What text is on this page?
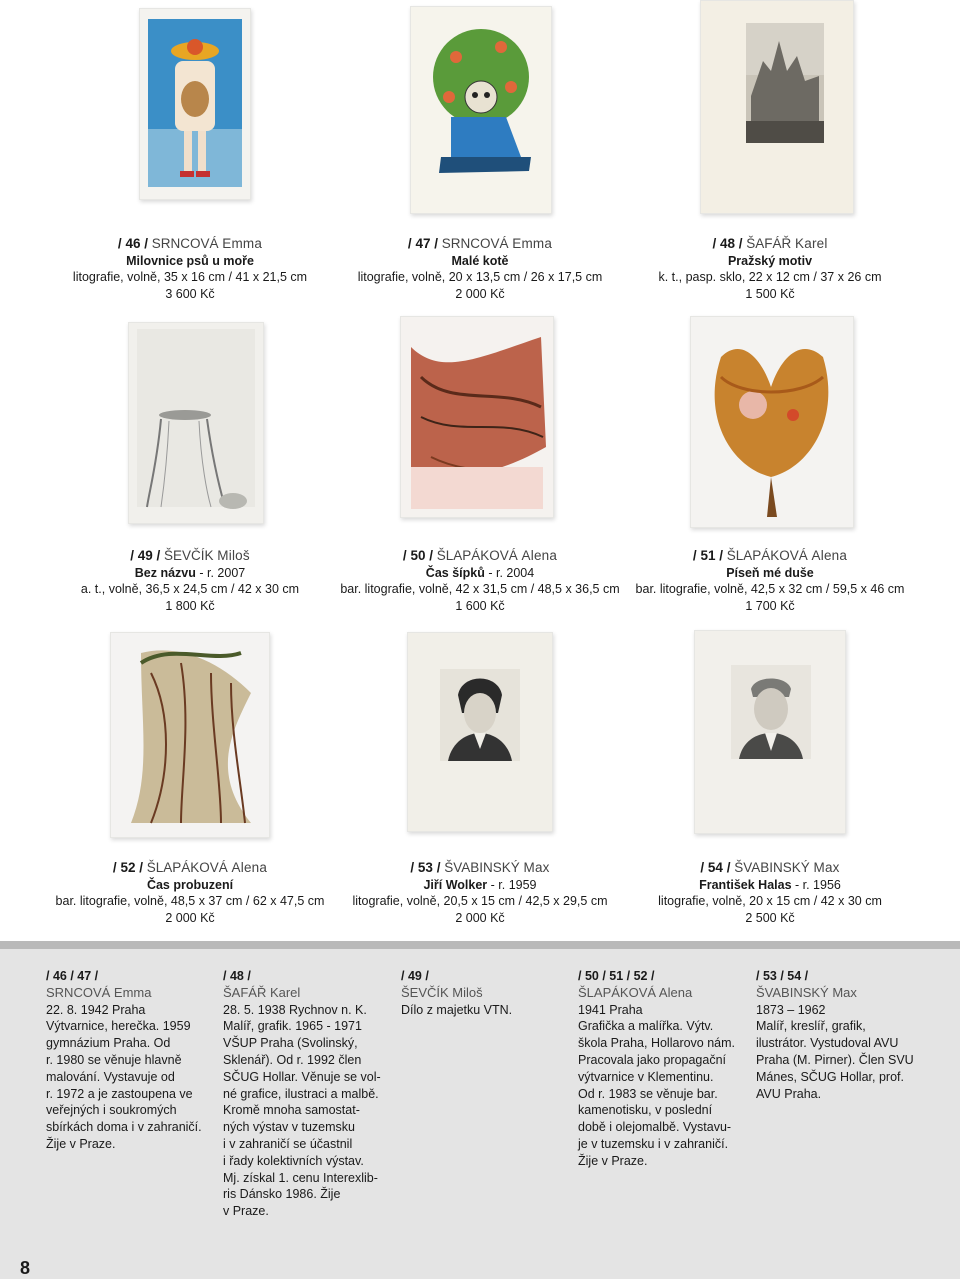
/ 46 / SRNCOVÁ Emma
Milovnice psů u moře
litografie, volně, 35 x 16 cm / 41 x 21,5 cm
3 600 Kč
/ 47 / SRNCOVÁ Emma
Malé kotě
litografie, volně, 20 x 13,5 cm / 26 x 17,5 cm
2 000 Kč
/ 48 / ŠAFÁŘ Karel
Pražský motiv
k. t., pasp. sklo, 22 x 12 cm / 37 x 26 cm
1 500 Kč
/ 49 / ŠEVČÍK Miloš
Bez názvu - r. 2007
a. t., volně, 36,5 x 24,5 cm / 42 x 30 cm
1 800 Kč
/ 50 / ŠLAPÁKOVÁ Alena
Čas šípků - r. 2004
bar. litografie, volně, 42 x 31,5 cm / 48,5 x 36,5 cm
1 600 Kč
/ 51 / ŠLAPÁKOVÁ Alena
Píseň mé duše
bar. litografie, volně, 42,5 x 32 cm / 59,5 x 46 cm
1 700 Kč
/ 52 / ŠLAPÁKOVÁ Alena
Čas probuzení
bar. litografie, volně, 48,5 x 37 cm / 62 x 47,5 cm
2 000 Kč
/ 53 / ŠVABINSKÝ Max
Jiří Wolker - r. 1959
litografie, volně, 20,5 x 15 cm / 42,5 x 29,5 cm
2 000 Kč
/ 54 / ŠVABINSKÝ Max
František Halas - r. 1956
litografie, volně, 20 x 15 cm / 42 x 30 cm
2 500 Kč
/ 46 / 47 /
SRNCOVÁ Emma
22. 8. 1942 Praha
Výtvarnice, herečka. 1959
gymnázium Praha. Od
r. 1980 se věnuje hlavně
malování. Vystavuje od
r. 1972 a je zastoupena ve
veřejných i soukromých
sbírkách doma i v zahraničí.
Žije v Praze.
/ 48 /
ŠAFÁŘ Karel
28. 5. 1938 Rychnov n. K.
Malíř, grafik. 1965 - 1971
VŠUP Praha (Svolinský,
Sklenář). Od r. 1992 člen
SČUG Hollar. Věnuje se vol-
né grafice, ilustraci a malbě.
Kromě mnoha samostat-
ných výstav v tuzemsku
i v zahraničí se účastnil
i řady kolektivních výstav.
Mj. získal 1. cenu Interexlib-
ris Dánsko 1986. Žije
v Praze.
/ 49 /
ŠEVČÍK Miloš
Dílo z majetku VTN.
/ 50 / 51 / 52 /
ŠLAPÁKOVÁ Alena
1941 Praha
Grafička a malířka. Výtv.
škola Praha, Hollarovo nám.
Pracovala jako propagační
výtvarnice v Klementinu.
Od r. 1983 se věnuje bar.
kamenotisku, v poslední
době i olejomalbě. Vystavu-
je v tuzemsku i v zahraničí.
Žije v Praze.
/ 53 / 54 /
ŠVABINSKÝ Max
1873 – 1962
Malíř, kreslíř, grafik,
ilustrátor. Vystudoval AVU
Praha (M. Pirner). Člen SVU
Mánes, SČUG Hollar, prof.
AVU Praha.
8
